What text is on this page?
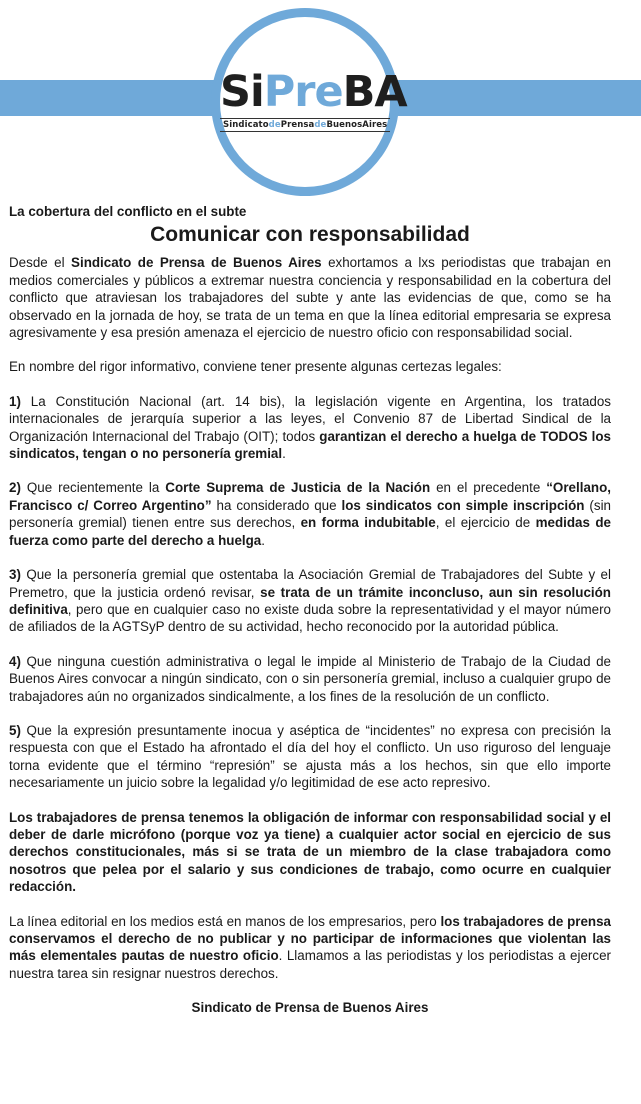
SiPreBA
SindicatodePrensadeBuenosAires
La cobertura del conflicto en el subte
Comunicar con responsabilidad

Desde el Sindicato de Prensa de Buenos Aires exhortamos a lxs periodistas que trabajan en medios comerciales y públicos a extremar nuestra conciencia y responsabilidad en la cobertura del conflicto que atraviesan los trabajadores del subte y ante las evidencias de que, como se ha observado en la jornada de hoy, se trata de un tema en que la línea editorial empresaria se expresa agresivamente y esa presión amenaza el ejercicio de nuestro oficio con responsabilidad social.

En nombre del rigor informativo, conviene tener presente algunas certezas legales:

1) La Constitución Nacional (art. 14 bis), la legislación vigente en Argentina, los tratados internacionales de jerarquía superior a las leyes, el Convenio 87 de Libertad Sindical de la Organización Internacional del Trabajo (OIT); todos garantizan el derecho a huelga de TODOS los sindicatos, tengan o no personería gremial.

2) Que recientemente la Corte Suprema de Justicia de la Nación en el precedente “Orellano, Francisco c/ Correo Argentino” ha considerado que los sindicatos con simple inscripción (sin personería gremial) tienen entre sus derechos, en forma indubitable, el ejercicio de medidas de fuerza como parte del derecho a huelga.

3) Que la personería gremial que ostentaba la Asociación Gremial de Trabajadores del Subte y el Premetro, que la justicia ordenó revisar, se trata de un trámite inconcluso, aun sin resolución definitiva, pero que en cualquier caso no existe duda sobre la representatividad y el mayor número de afiliados de la AGTSyP dentro de su actividad, hecho reconocido por la autoridad pública.

4) Que ninguna cuestión administrativa o legal le impide al Ministerio de Trabajo de la Ciudad de Buenos Aires convocar a ningún sindicato, con o sin personería gremial, incluso a cualquier grupo de trabajadores aún no organizados sindicalmente, a los fines de la resolución de un conflicto.

5) Que la expresión presuntamente inocua y aséptica de “incidentes” no expresa con precisión la respuesta con que el Estado ha afrontado el día del hoy el conflicto. Un uso riguroso del lenguaje torna evidente que el término “represión” se ajusta más a los hechos, sin que ello importe necesariamente un juicio sobre la legalidad y/o legitimidad de ese acto represivo.

Los trabajadores de prensa tenemos la obligación de informar con responsabilidad social y el deber de darle micrófono (porque voz ya tiene) a cualquier actor social en ejercicio de sus derechos constitucionales, más si se trata de un miembro de la clase trabajadora como nosotros que pelea por el salario y sus condiciones de trabajo, como ocurre en cualquier redacción.

La línea editorial en los medios está en manos de los empresarios, pero los trabajadores de prensa conservamos el derecho de no publicar y no participar de informaciones que violentan las más elementales pautas de nuestro oficio. Llamamos a las periodistas y los periodistas a ejercer nuestra tarea sin resignar nuestros derechos.

Sindicato de Prensa de Buenos Aires
